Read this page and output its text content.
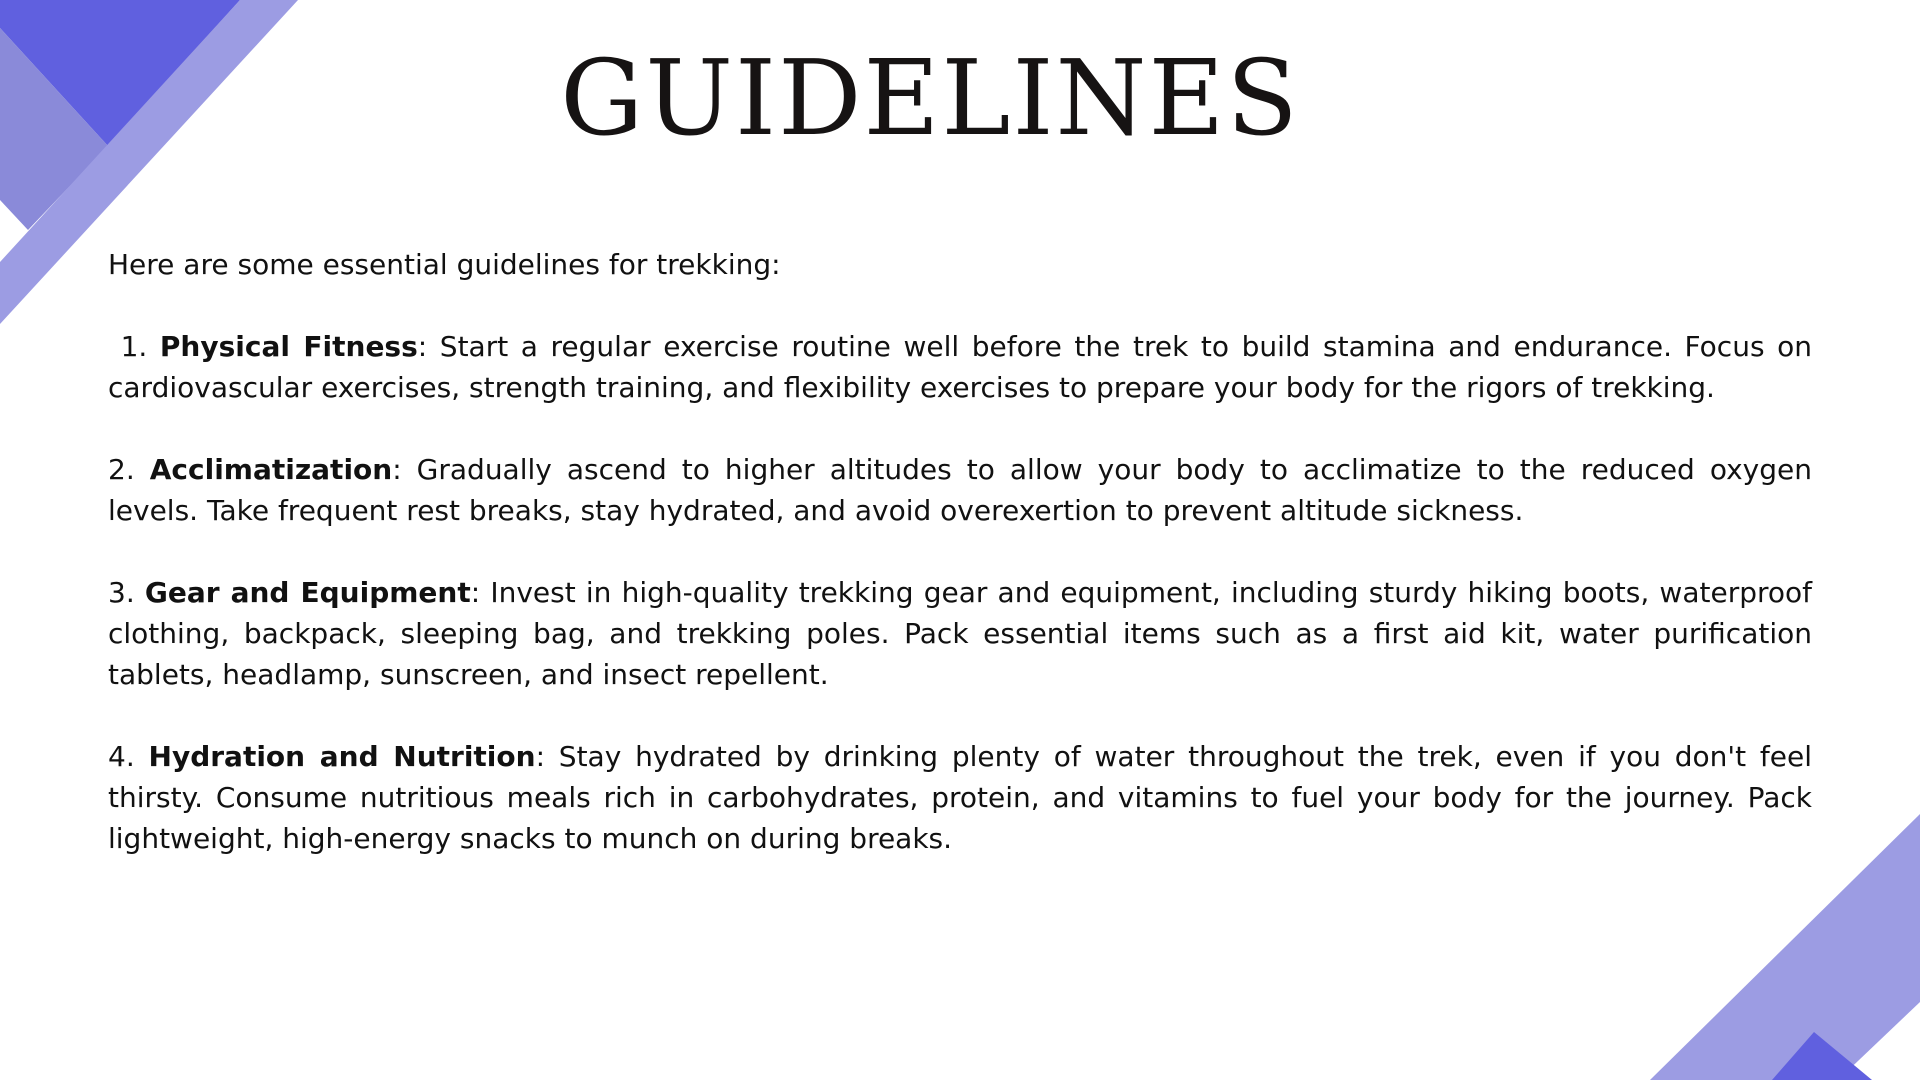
GUIDELINES

Here are some essential guidelines for trekking:

1. Physical Fitness: Start a regular exercise routine well before the trek to build stamina and endurance. Focus on cardiovascular exercises, strength training, and flexibility exercises to prepare your body for the rigors of trekking.

2. Acclimatization: Gradually ascend to higher altitudes to allow your body to acclimatize to the reduced oxygen levels. Take frequent rest breaks, stay hydrated, and avoid overexertion to prevent altitude sickness.

3. Gear and Equipment: Invest in high-quality trekking gear and equipment, including sturdy hiking boots, waterproof clothing, backpack, sleeping bag, and trekking poles. Pack essential items such as a first aid kit, water purification tablets, headlamp, sunscreen, and insect repellent.

4. Hydration and Nutrition: Stay hydrated by drinking plenty of water throughout the trek, even if you don't feel thirsty. Consume nutritious meals rich in carbohydrates, protein, and vitamins to fuel your body for the journey. Pack lightweight, high-energy snacks to munch on during breaks.
